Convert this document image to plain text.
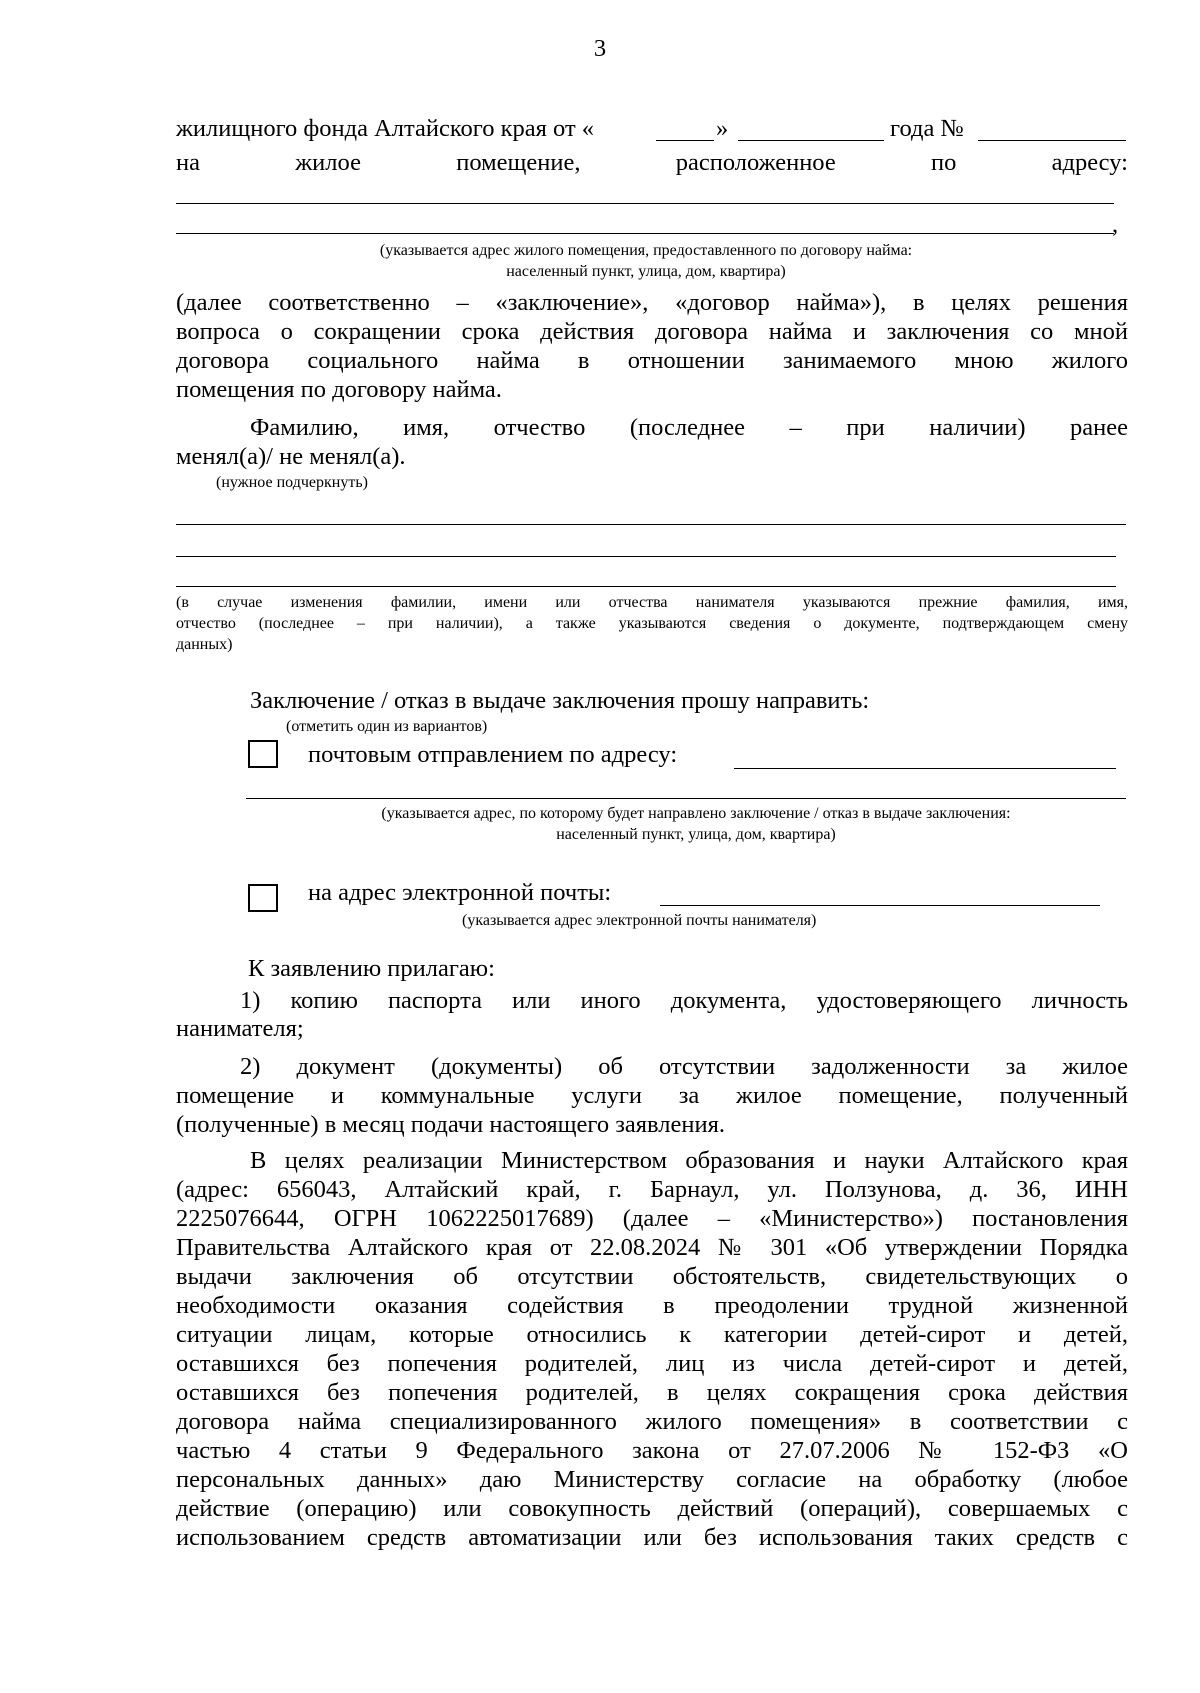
3
жилищного фонда Алтайского края от «	»	года №
на	жилое	помещение,	расположенное	по	адресу:
,
(указывается адрес жилого помещения, предоставленного по договору найма:
населенный пункт, улица, дом, квартира)
(далее соответственно – «заключение», «договор найма»), в целях решения
вопроса о сокращении срока действия договора найма и заключения со мной
договора социального найма в отношении занимаемого мною жилого
помещения по договору найма.
Фамилию, имя, отчество (последнее – при наличии) ранее
менял(а)/ не менял(а).
(нужное подчеркнуть)
(в случае изменения фамилии, имени или отчества нанимателя указываются прежние фамилия, имя,
отчество (последнее – при наличии), а также указываются сведения о документе, подтверждающем смену
данных)
Заключение / отказ в выдаче заключения прошу направить:
(отметить один из вариантов)
почтовым отправлением по адресу:
(указывается адрес, по которому будет направлено заключение / отказ в выдаче заключения:
населенный пункт, улица, дом, квартира)
на адрес электронной почты:
(указывается адрес электронной почты нанимателя)
К заявлению прилагаю:
1) копию паспорта или иного документа, удостоверяющего личность
нанимателя;
2) документ (документы) об отсутствии задолженности за жилое
помещение и коммунальные услуги за жилое помещение, полученный
(полученные) в месяц подачи настоящего заявления.
В целях реализации Министерством образования и науки Алтайского края
(адрес: 656043, Алтайский край, г. Барнаул, ул. Ползунова, д. 36, ИНН
2225076644, ОГРН 1062225017689) (далее – «Министерство») постановления
Правительства Алтайского края от 22.08.2024 № 301 «Об утверждении Порядка
выдачи заключения об отсутствии обстоятельств, свидетельствующих о
необходимости оказания содействия в преодолении трудной жизненной
ситуации лицам, которые относились к категории детей-сирот и детей,
оставшихся без попечения родителей, лиц из числа детей-сирот и детей,
оставшихся без попечения родителей, в целях сокращения срока действия
договора найма специализированного жилого помещения» в соответствии с
частью 4 статьи 9 Федерального закона от 27.07.2006 № 152-ФЗ «О
персональных данных» даю Министерству согласие на обработку (любое
действие (операцию) или совокупность действий (операций), совершаемых с
использованием средств автоматизации или без использования таких средств с
